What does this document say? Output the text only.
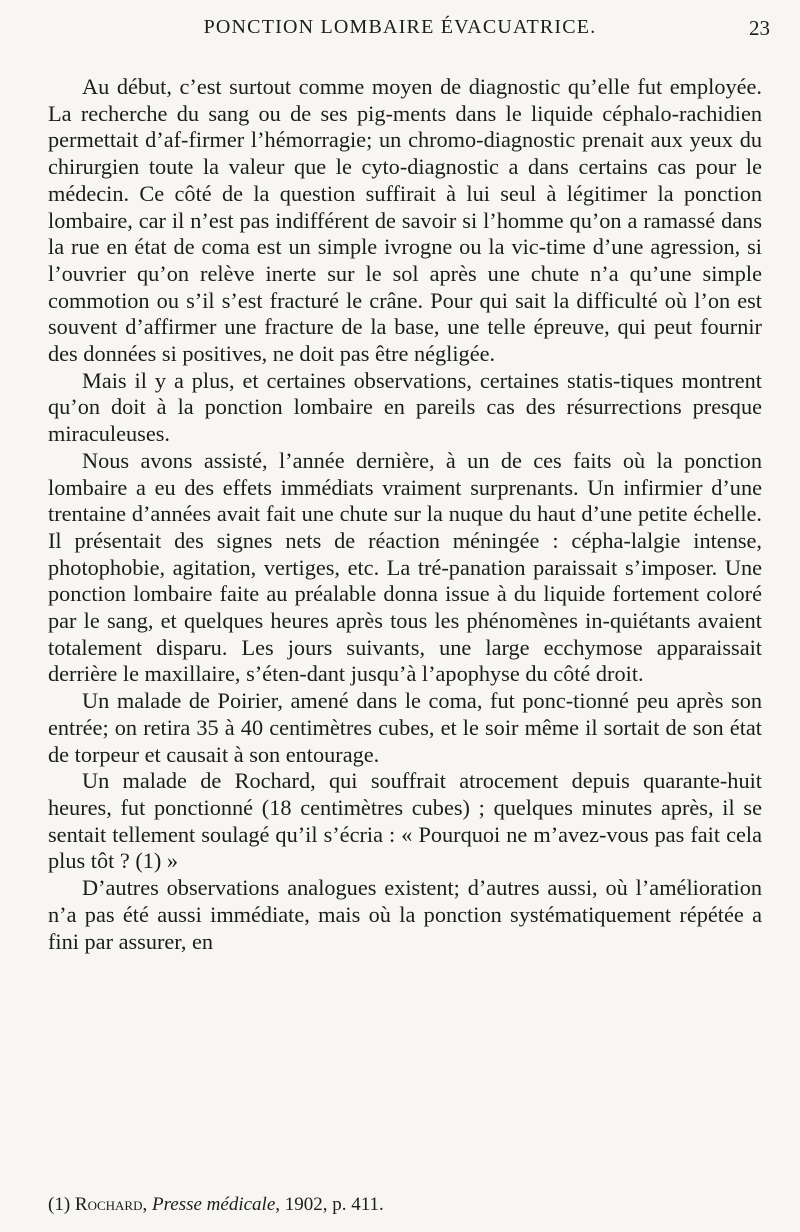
PONCTION LOMBAIRE ÉVACUATRICE.	23

Au début, c’est surtout comme moyen de diagnostic qu’elle fut employée. La recherche du sang ou de ses pig-ments dans le liquide céphalo-rachidien permettait d’af-firmer l’hémorragie; un chromo-diagnostic prenait aux yeux du chirurgien toute la valeur que le cyto-diagnostic a dans certains cas pour le médecin. Ce côté de la question suffirait à lui seul à légitimer la ponction lombaire, car il n’est pas indifférent de savoir si l’homme qu’on a ramassé dans la rue en état de coma est un simple ivrogne ou la vic-time d’une agression, si l’ouvrier qu’on relève inerte sur le sol après une chute n’a qu’une simple commotion ou s’il s’est fracturé le crâne. Pour qui sait la difficulté où l’on est souvent d’affirmer une fracture de la base, une telle épreuve, qui peut fournir des données si positives, ne doit pas être négligée.

Mais il y a plus, et certaines observations, certaines statis-tiques montrent qu’on doit à la ponction lombaire en pareils cas des résurrections presque miraculeuses.

Nous avons assisté, l’année dernière, à un de ces faits où la ponction lombaire a eu des effets immédiats vraiment surprenants. Un infirmier d’une trentaine d’années avait fait une chute sur la nuque du haut d’une petite échelle. Il présentait des signes nets de réaction méningée : cépha-lalgie intense, photophobie, agitation, vertiges, etc. La tré-panation paraissait s’imposer. Une ponction lombaire faite au préalable donna issue à du liquide fortement coloré par le sang, et quelques heures après tous les phénomènes in-quiétants avaient totalement disparu. Les jours suivants, une large ecchymose apparaissait derrière le maxillaire, s’éten-dant jusqu’à l’apophyse du côté droit.

Un malade de Poirier, amené dans le coma, fut ponc-tionné peu après son entrée; on retira 35 à 40 centimètres cubes, et le soir même il sortait de son état de torpeur et causait à son entourage.

Un malade de Rochard, qui souffrait atrocement depuis quarante-huit heures, fut ponctionné (18 centimètres cubes) ; quelques minutes après, il se sentait tellement soulagé qu’il s’écria : « Pourquoi ne m’avez-vous pas fait cela plus tôt ? (1) »

D’autres observations analogues existent; d’autres aussi, où l’amélioration n’a pas été aussi immédiate, mais où la ponction systématiquement répétée a fini par assurer, en

(1) Rochard, Presse médicale, 1902, p. 411.
